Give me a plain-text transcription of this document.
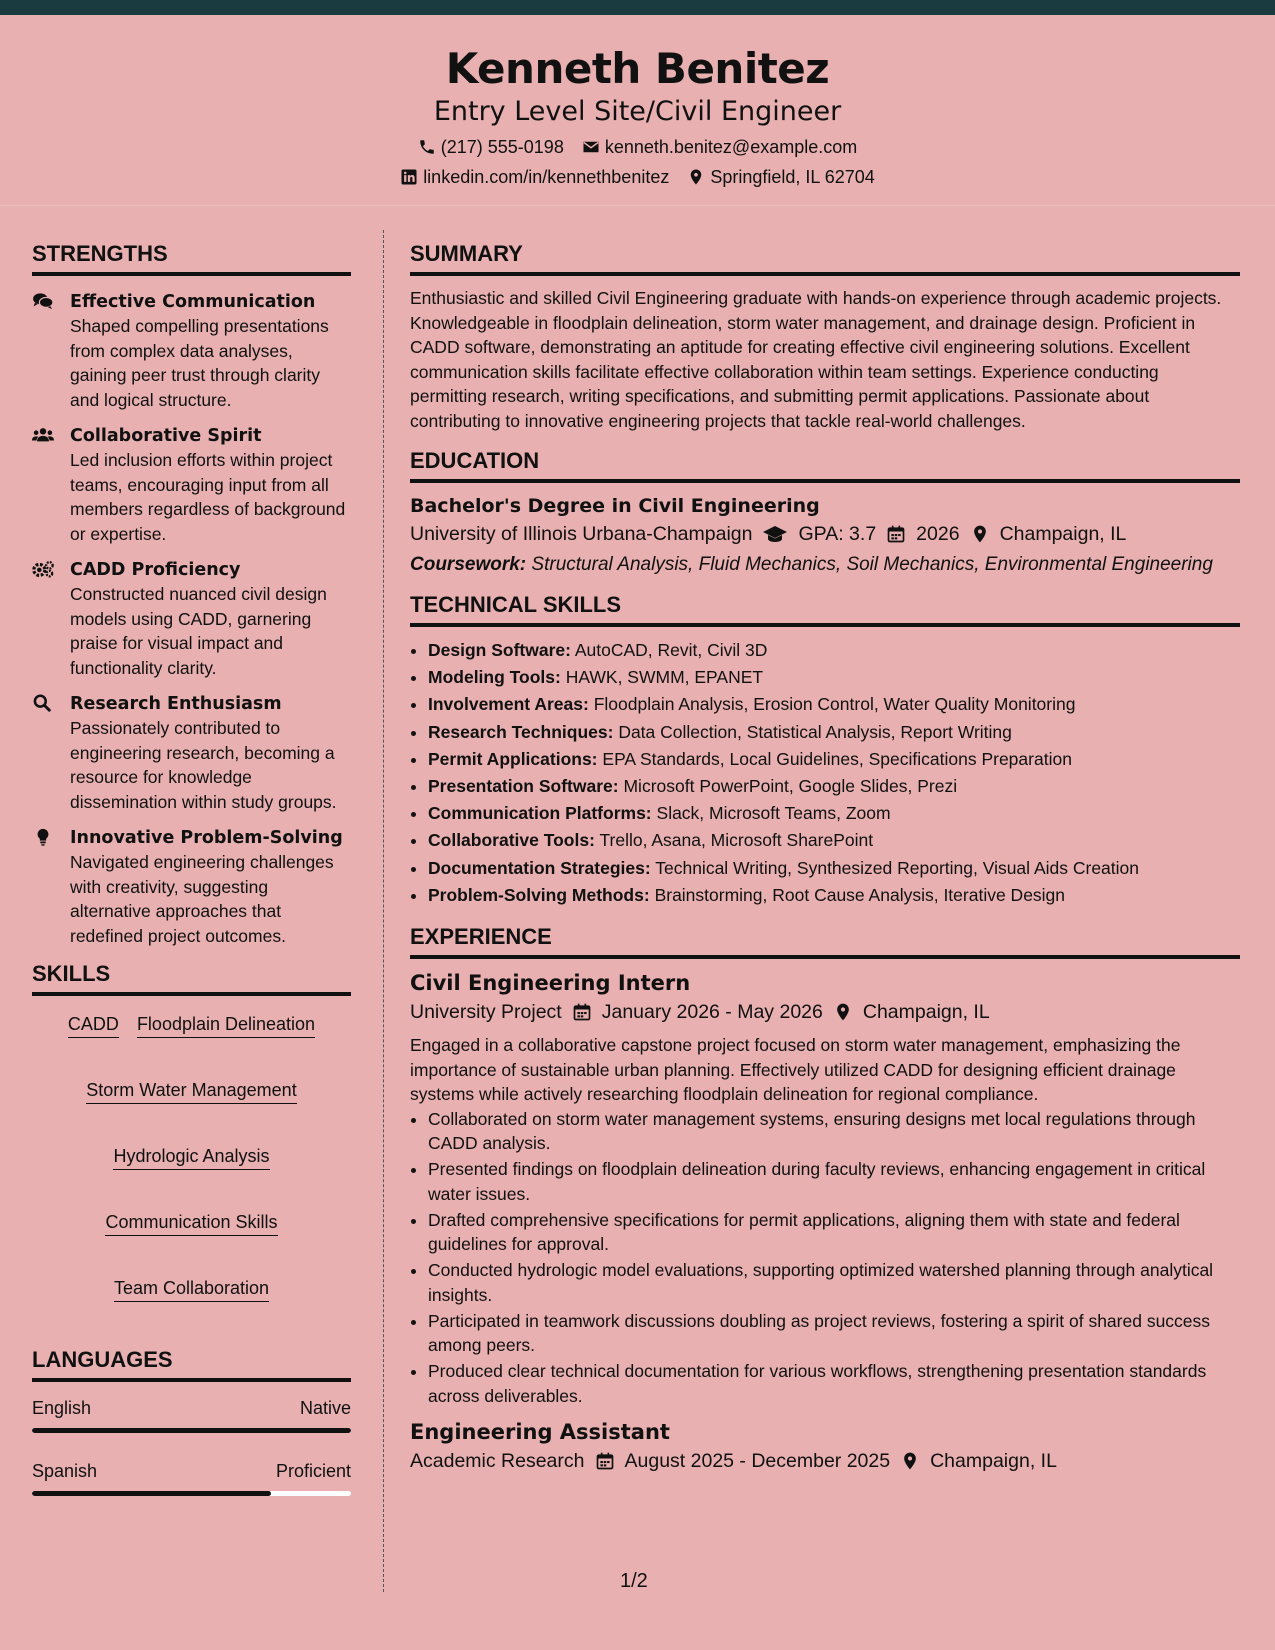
Kenneth Benitez
Entry Level Site/Civil Engineer
(217) 555-0198 kenneth.benitez@example.com
linkedin.com/in/kennethbenitez Springfield, IL 62704
STRENGTHS
Effective Communication
Shaped compelling presentations from complex data analyses, gaining peer trust through clarity and logical structure.
Collaborative Spirit
Led inclusion efforts within project teams, encouraging input from all members regardless of background or expertise.
CADD Proficiency
Constructed nuanced civil design models using CADD, garnering praise for visual impact and functionality clarity.
Research Enthusiasm
Passionately contributed to engineering research, becoming a resource for knowledge dissemination within study groups.
Innovative Problem-Solving
Navigated engineering challenges with creativity, suggesting alternative approaches that redefined project outcomes.
SKILLS
CADD Floodplain Delineation
Storm Water Management
Hydrologic Analysis
Communication Skills
Team Collaboration
LANGUAGES
English	Native
Spanish	Proficient
SUMMARY
Enthusiastic and skilled Civil Engineering graduate with hands-on experience through academic projects. Knowledgeable in floodplain delineation, storm water management, and drainage design. Proficient in CADD software, demonstrating an aptitude for creating effective civil engineering solutions. Excellent communication skills facilitate effective collaboration within team settings. Experience conducting permitting research, writing specifications, and submitting permit applications. Passionate about contributing to innovative engineering projects that tackle real-world challenges.
EDUCATION
Bachelor's Degree in Civil Engineering
University of Illinois Urbana-Champaign GPA: 3.7 2026 Champaign, IL
Coursework: Structural Analysis, Fluid Mechanics, Soil Mechanics, Environmental Engineering
TECHNICAL SKILLS
• Design Software: AutoCAD, Revit, Civil 3D
• Modeling Tools: HAWK, SWMM, EPANET
• Involvement Areas: Floodplain Analysis, Erosion Control, Water Quality Monitoring
• Research Techniques: Data Collection, Statistical Analysis, Report Writing
• Permit Applications: EPA Standards, Local Guidelines, Specifications Preparation
• Presentation Software: Microsoft PowerPoint, Google Slides, Prezi
• Communication Platforms: Slack, Microsoft Teams, Zoom
• Collaborative Tools: Trello, Asana, Microsoft SharePoint
• Documentation Strategies: Technical Writing, Synthesized Reporting, Visual Aids Creation
• Problem-Solving Methods: Brainstorming, Root Cause Analysis, Iterative Design
EXPERIENCE
Civil Engineering Intern
University Project January 2026 - May 2026 Champaign, IL
Engaged in a collaborative capstone project focused on storm water management, emphasizing the importance of sustainable urban planning. Effectively utilized CADD for designing efficient drainage systems while actively researching floodplain delineation for regional compliance.
• Collaborated on storm water management systems, ensuring designs met local regulations through CADD analysis.
• Presented findings on floodplain delineation during faculty reviews, enhancing engagement in critical water issues.
• Drafted comprehensive specifications for permit applications, aligning them with state and federal guidelines for approval.
• Conducted hydrologic model evaluations, supporting optimized watershed planning through analytical insights.
• Participated in teamwork discussions doubling as project reviews, fostering a spirit of shared success among peers.
• Produced clear technical documentation for various workflows, strengthening presentation standards across deliverables.
Engineering Assistant
Academic Research August 2025 - December 2025 Champaign, IL
1/2
